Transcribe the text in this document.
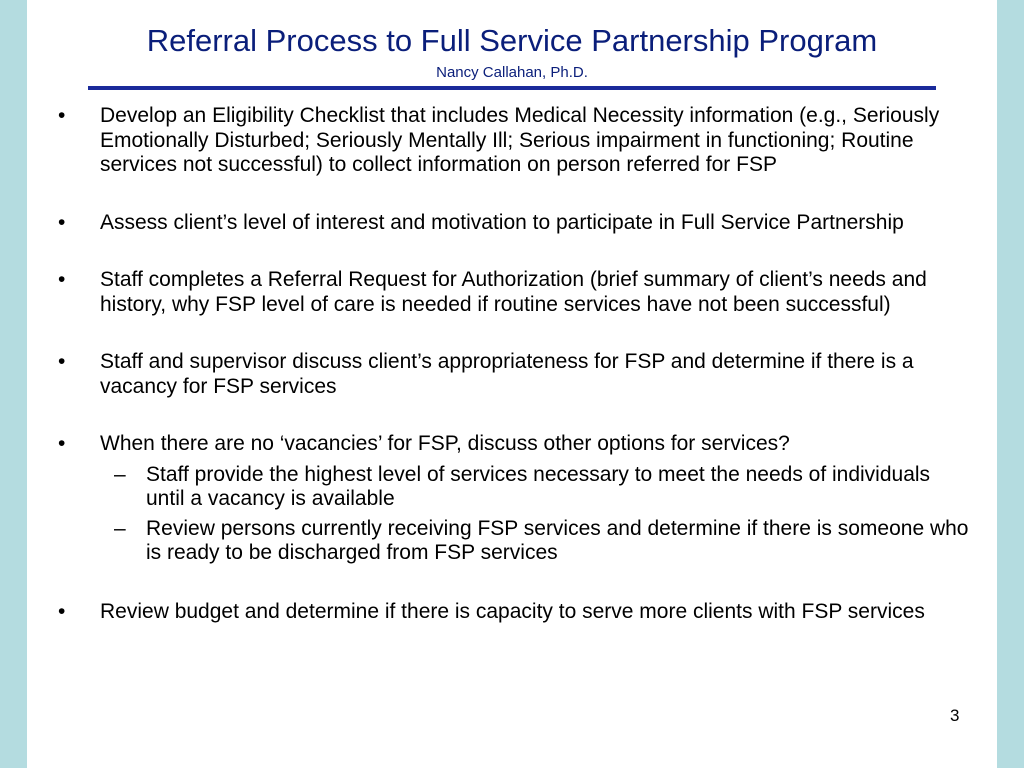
Referral Process to Full Service Partnership Program
Nancy Callahan, Ph.D.
• Develop an Eligibility Checklist that includes Medical Necessity information (e.g., Seriously Emotionally Disturbed; Seriously Mentally Ill; Serious impairment in functioning; Routine services not successful) to collect information on person referred for FSP
• Assess client’s level of interest and motivation to participate in Full Service Partnership
• Staff completes a Referral Request for Authorization (brief summary of client’s needs and history, why FSP level of care is needed if routine services have not been successful)
• Staff and supervisor discuss client’s appropriateness for FSP and determine if there is a vacancy for FSP services
• When there are no ‘vacancies’ for FSP, discuss other options for services?
– Staff provide the highest level of services necessary to meet the needs of individuals until a vacancy is available
– Review persons currently receiving FSP services and determine if there is someone who is ready to be discharged from FSP services
• Review budget and determine if there is capacity to serve more clients with FSP services
3
